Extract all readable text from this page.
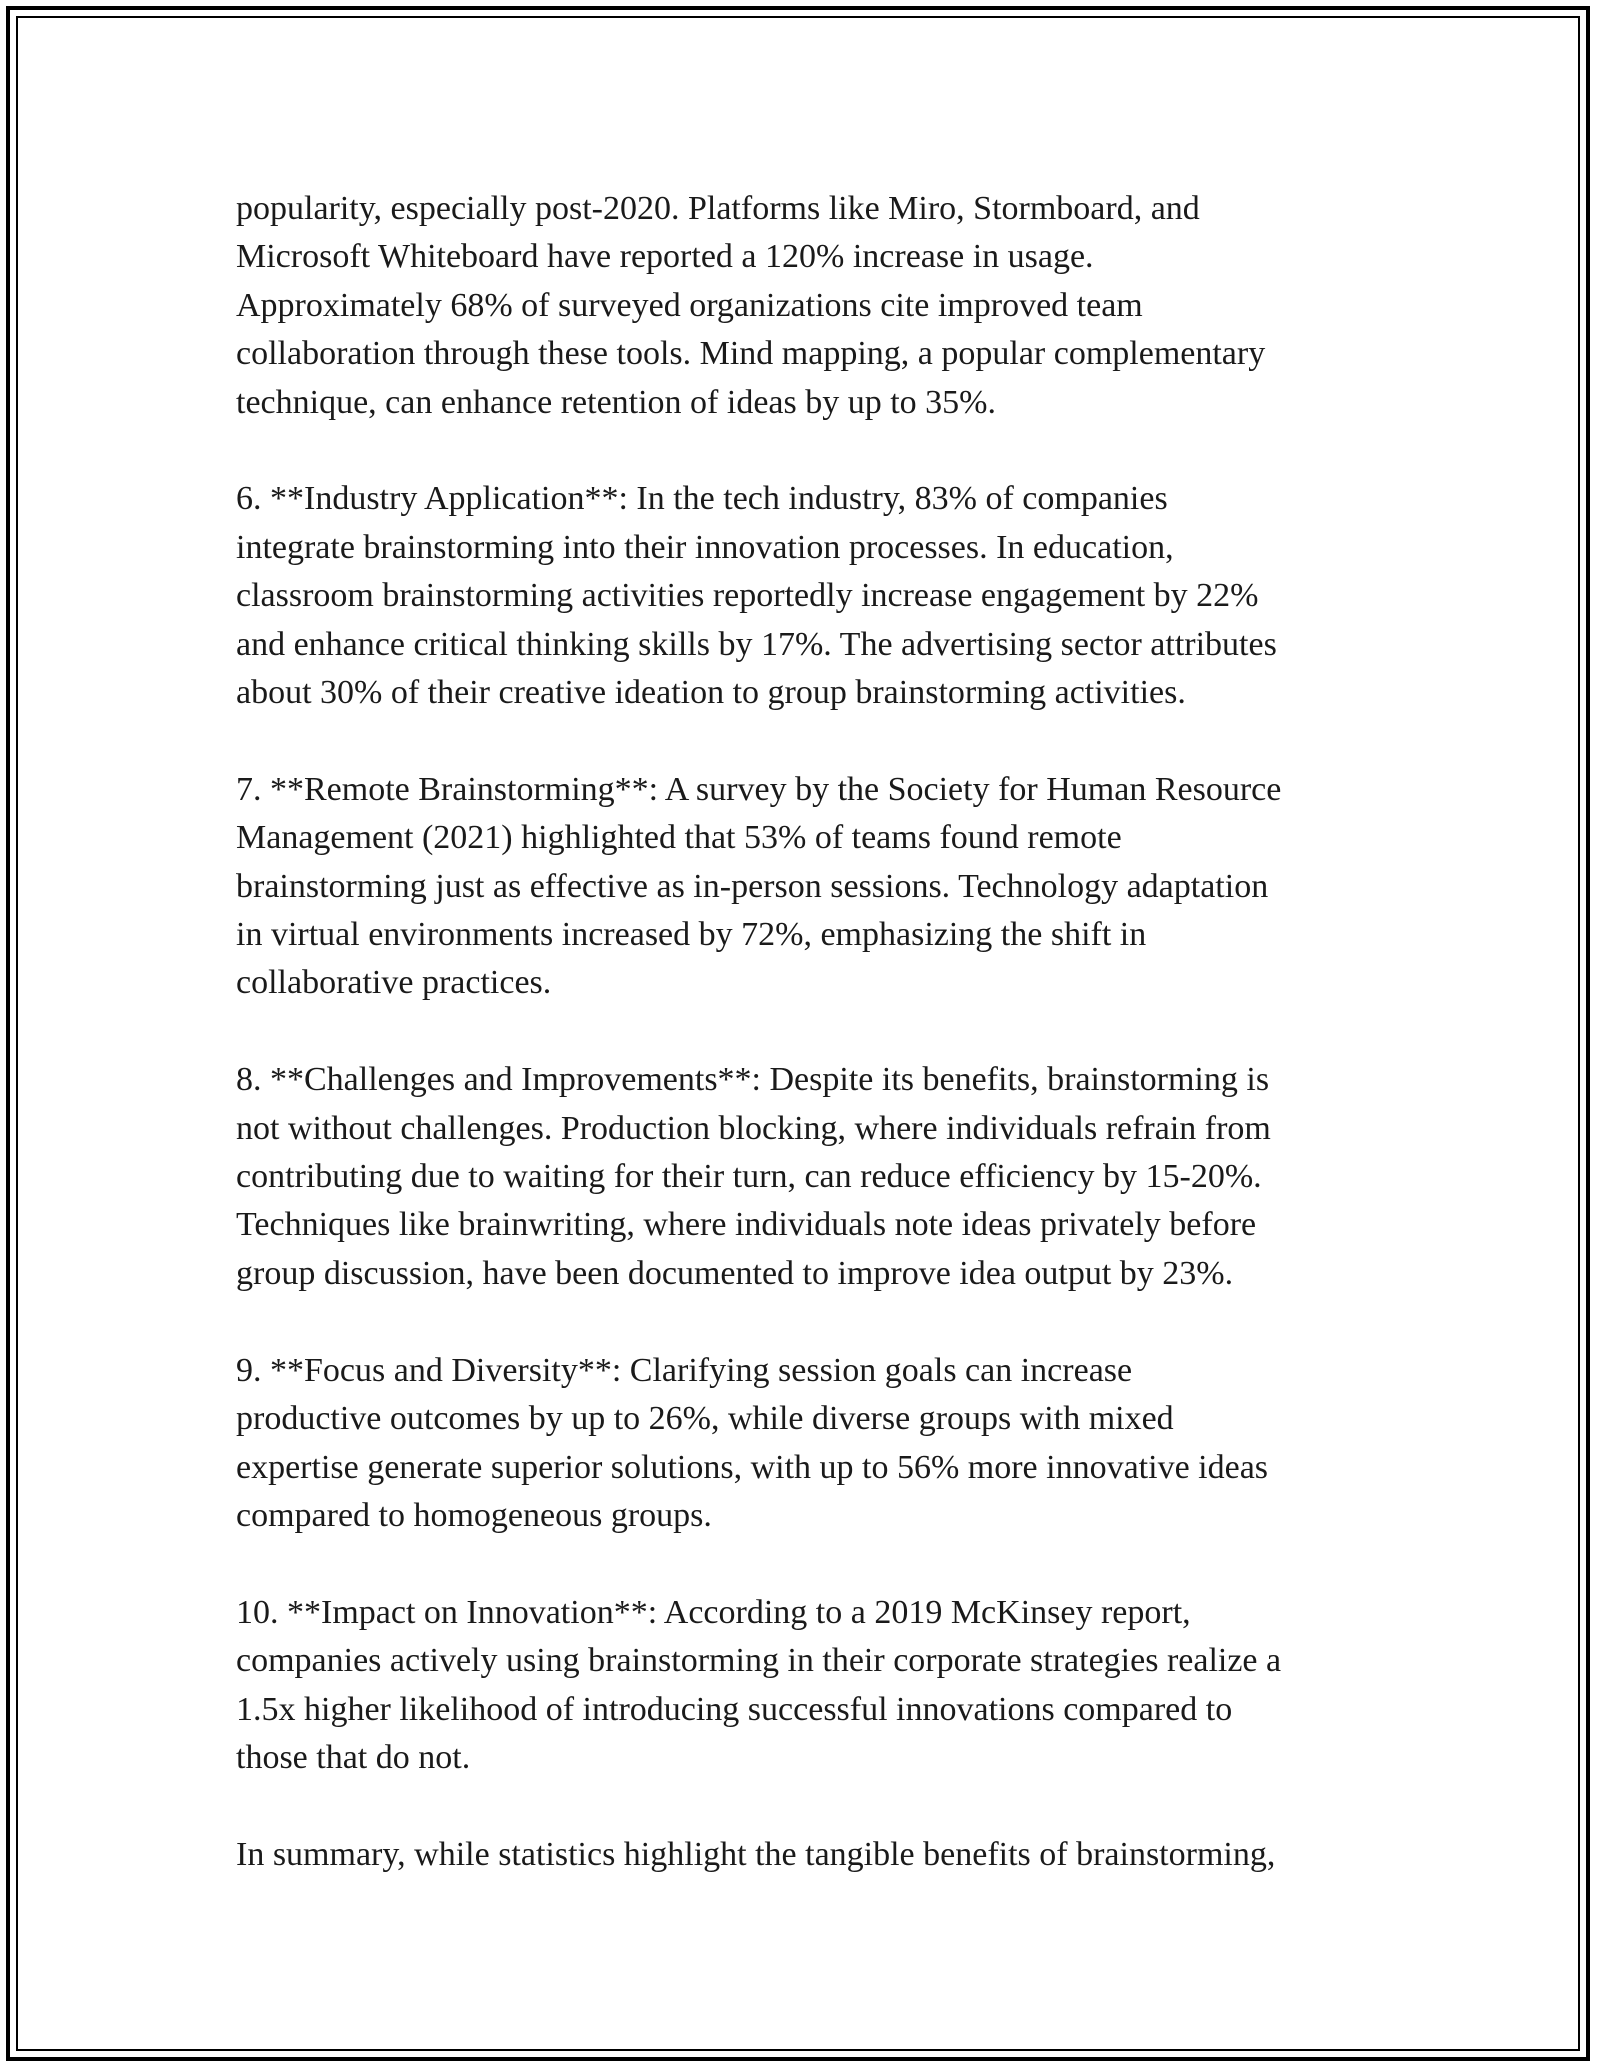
popularity, especially post-2020. Platforms like Miro, Stormboard, and
Microsoft Whiteboard have reported a 120% increase in usage.
Approximately 68% of surveyed organizations cite improved team
collaboration through these tools. Mind mapping, a popular complementary
technique, can enhance retention of ideas by up to 35%.

6. **Industry Application**: In the tech industry, 83% of companies
integrate brainstorming into their innovation processes. In education,
classroom brainstorming activities reportedly increase engagement by 22%
and enhance critical thinking skills by 17%. The advertising sector attributes
about 30% of their creative ideation to group brainstorming activities.

7. **Remote Brainstorming**: A survey by the Society for Human Resource
Management (2021) highlighted that 53% of teams found remote
brainstorming just as effective as in-person sessions. Technology adaptation
in virtual environments increased by 72%, emphasizing the shift in
collaborative practices.

8. **Challenges and Improvements**: Despite its benefits, brainstorming is
not without challenges. Production blocking, where individuals refrain from
contributing due to waiting for their turn, can reduce efficiency by 15-20%.
Techniques like brainwriting, where individuals note ideas privately before
group discussion, have been documented to improve idea output by 23%.

9. **Focus and Diversity**: Clarifying session goals can increase
productive outcomes by up to 26%, while diverse groups with mixed
expertise generate superior solutions, with up to 56% more innovative ideas
compared to homogeneous groups.

10. **Impact on Innovation**: According to a 2019 McKinsey report,
companies actively using brainstorming in their corporate strategies realize a
1.5x higher likelihood of introducing successful innovations compared to
those that do not.

In summary, while statistics highlight the tangible benefits of brainstorming,
